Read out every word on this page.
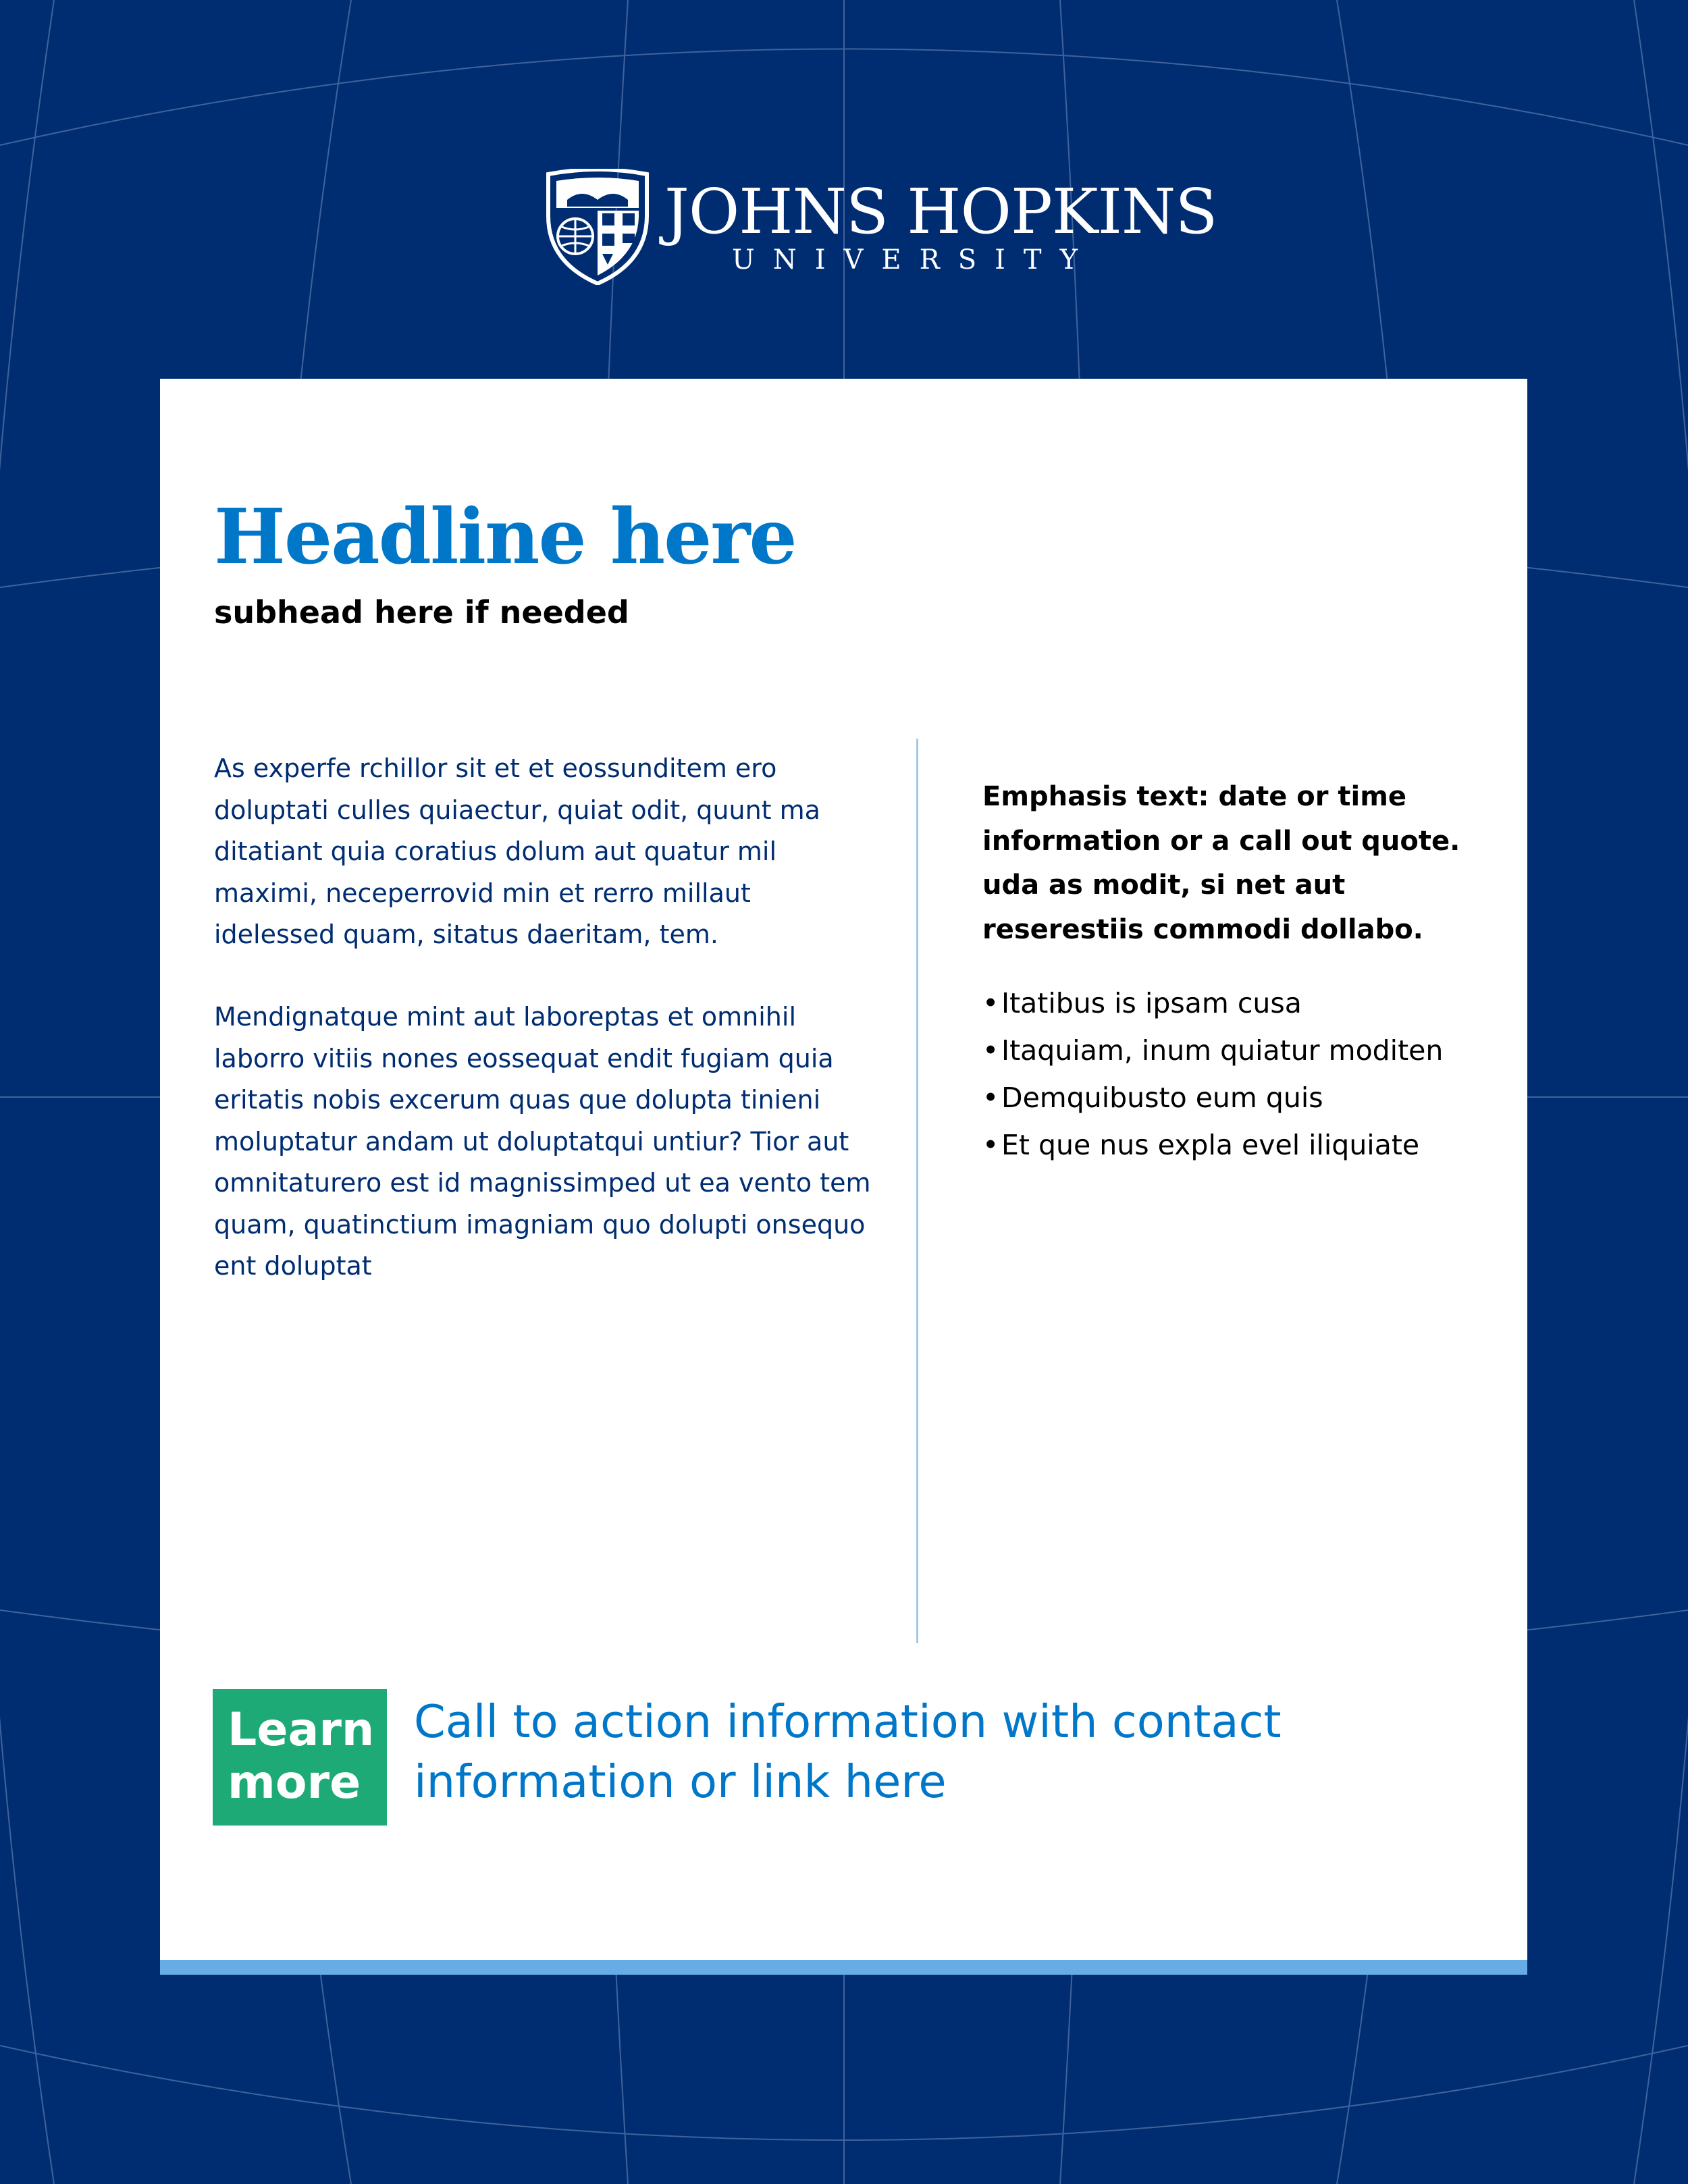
JOHNS HOPKINS
UNIVERSITY
Headline here
subhead here if needed

As experfe rchillor sit et et eossunditem ero doluptati culles quiaectur, quiat odit, quunt ma ditatiant quia coratius dolum aut quatur mil maximi, neceperrovid min et rerro millaut idelessed quam, sitatus daeritam, tem.

Mendignatque mint aut laboreptas et omnihil laborro vitiis nones eossequat endit fugiam quia eritatis nobis excerum quas que dolupta tinieni moluptatur andam ut doluptatqui untiur? Tior aut omnitaturero est id magnissimped ut ea vento tem quam, quatinctium imagniam quo dolupti onsequo ent doluptat

Emphasis text: date or time information or a call out quote. uda as modit, si net aut reserestiis commodi dollabo.

•Itatibus is ipsam cusa
•Itaquiam, inum quiatur moditen
•Demquibusto eum quis
•Et que nus expla evel iliquiate
Learn
more

Call to action information with contact information or link here
